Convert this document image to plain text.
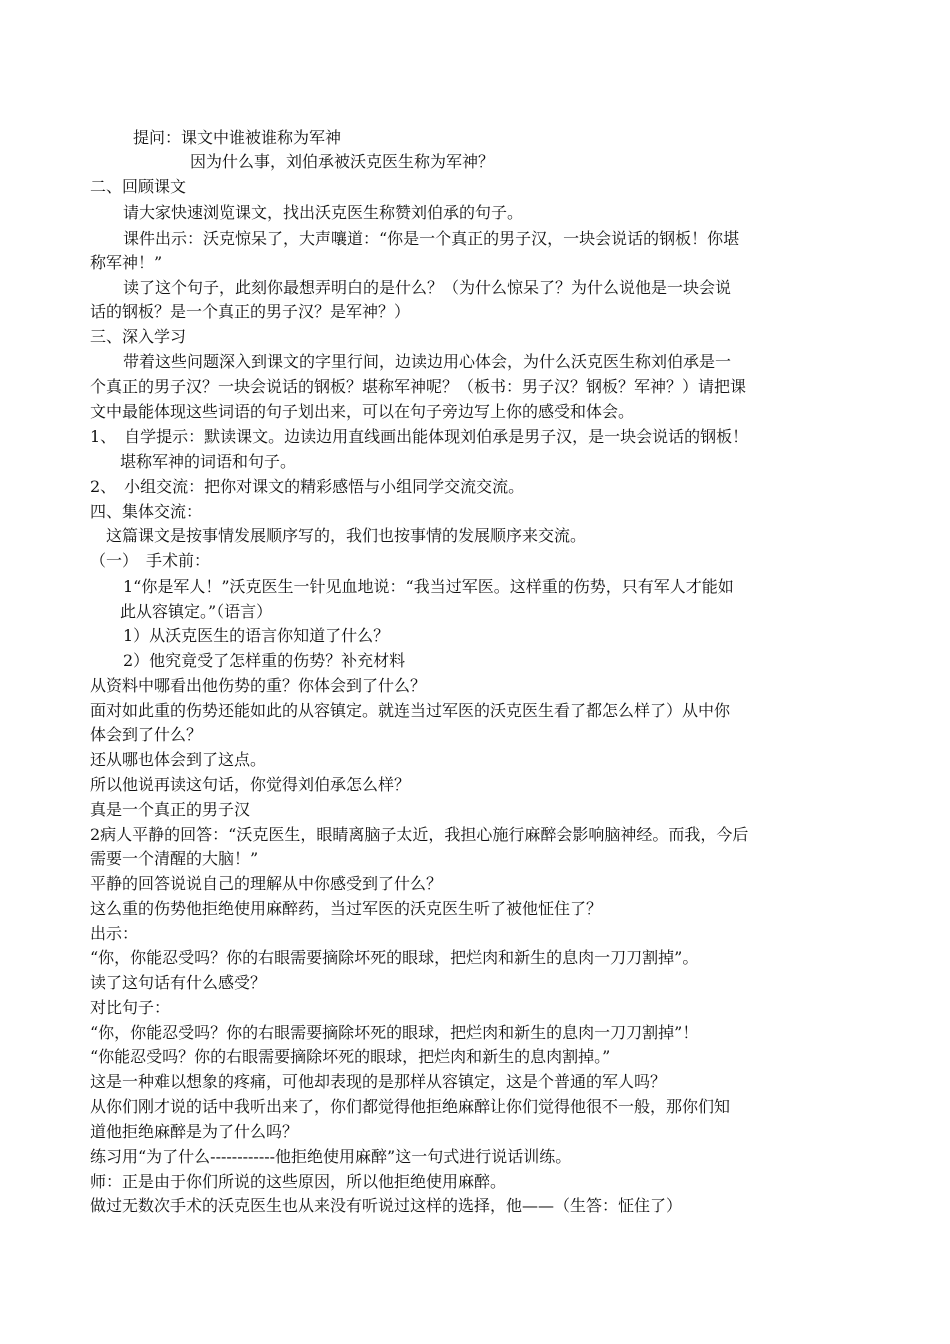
提问：课文中谁被谁称为军神
因为什么事，刘伯承被沃克医生称为军神？
二、回顾课文
请大家快速浏览课文，找出沃克医生称赞刘伯承的句子。
课件出示：沃克惊呆了，大声嚷道：“你是一个真正的男子汉，一块会说话的钢板！你堪
称军神！”
读了这个句子，此刻你最想弄明白的是什么？（为什么惊呆了？为什么说他是一块会说
话的钢板？是一个真正的男子汉？是军神？）
三、深入学习
带着这些问题深入到课文的字里行间，边读边用心体会，为什么沃克医生称刘伯承是一
个真正的男子汉？一块会说话的钢板？堪称军神呢？（板书：男子汉？钢板？军神？）请把课
文中最能体现这些词语的句子划出来，可以在句子旁边写上你的感受和体会。
1、　自学提示：默读课文。边读边用直线画出能体现刘伯承是男子汉，是一块会说话的钢板！
堪称军神的词语和句子。
2、　小组交流：把你对课文的精彩感悟与小组同学交流交流。
四、集体交流：
这篇课文是按事情发展顺序写的，我们也按事情的发展顺序来交流。
（一）　手术前：
1“你是军人！”沃克医生一针见血地说：“我当过军医。这样重的伤势，只有军人才能如
此从容镇定。”（语言）
1）从沃克医生的语言你知道了什么？
2）他究竟受了怎样重的伤势？补充材料
从资料中哪看出他伤势的重？你体会到了什么？
面对如此重的伤势还能如此的从容镇定。就连当过军医的沃克医生看了都怎么样了）从中你
体会到了什么？
还从哪也体会到了这点。
所以他说再读这句话，你觉得刘伯承怎么样？
真是一个真正的男子汉
2病人平静的回答：“沃克医生，眼睛离脑子太近，我担心施行麻醉会影响脑神经。而我，今后
需要一个清醒的大脑！”
平静的回答说说自己的理解从中你感受到了什么？
这么重的伤势他拒绝使用麻醉药，当过军医的沃克医生听了被他怔住了？
出示：
“你，你能忍受吗？你的右眼需要摘除坏死的眼球，把烂肉和新生的息肉一刀刀割掉”。
读了这句话有什么感受？
对比句子：
“你，你能忍受吗？你的右眼需要摘除坏死的眼球，把烂肉和新生的息肉一刀刀割掉”！
“你能忍受吗？你的右眼需要摘除坏死的眼球，把烂肉和新生的息肉割掉。”
这是一种难以想象的疼痛，可他却表现的是那样从容镇定，这是个普通的军人吗？
从你们刚才说的话中我听出来了，你们都觉得他拒绝麻醉让你们觉得他很不一般，那你们知
道他拒绝麻醉是为了什么吗？
练习用“为了什么------------他拒绝使用麻醉”这一句式进行说话训练。
师：正是由于你们所说的这些原因，所以他拒绝使用麻醉。
做过无数次手术的沃克医生也从来没有听说过这样的选择，他——（生答：怔住了）
